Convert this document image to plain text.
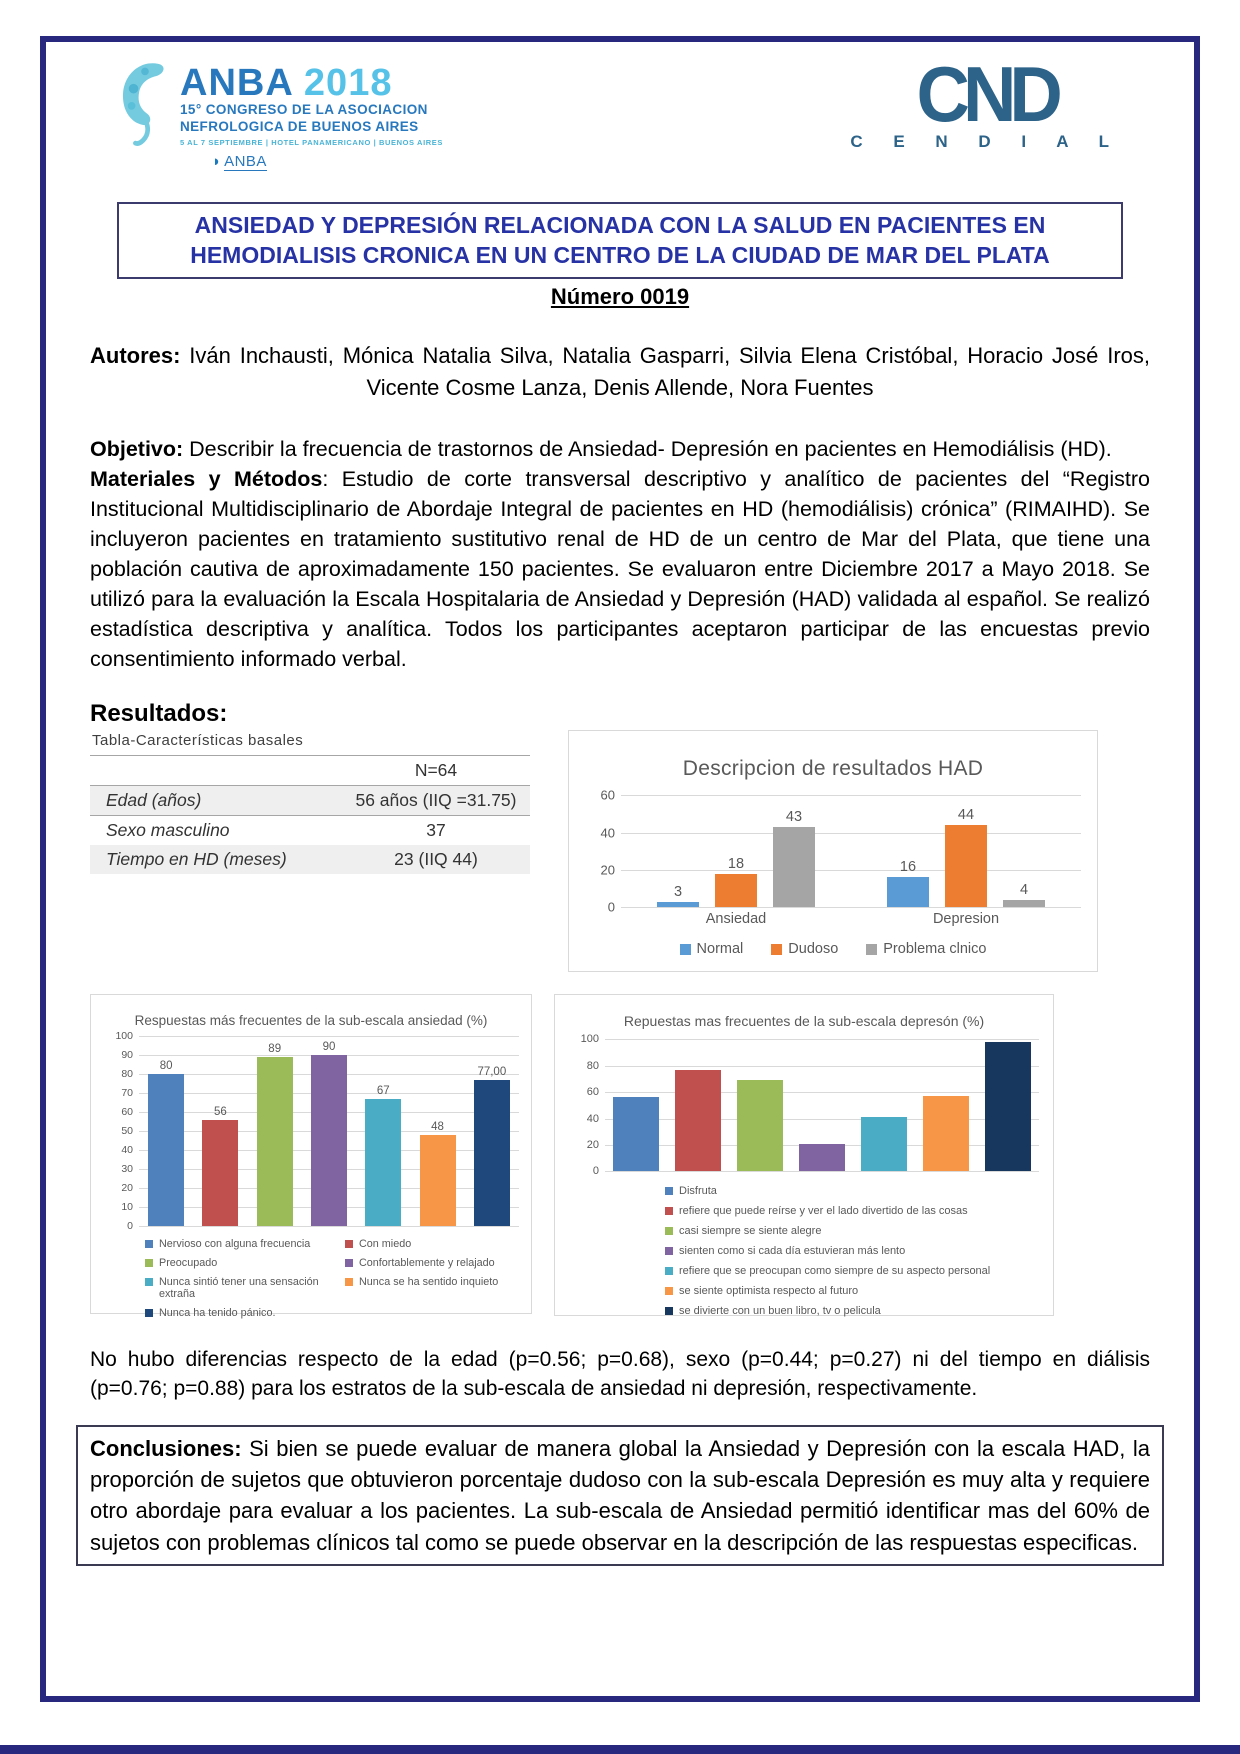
ANBA 2018
15° CONGRESO DE LA ASOCIACION
NEFROLOGICA DE BUENOS AIRES
5 AL 7 SEPTIEMBRE | HOTEL PANAMERICANO | BUENOS AIRES
◗ ANBA
CND
C E N D I A L
ANSIEDAD Y DEPRESIÓN RELACIONADA CON LA SALUD EN PACIENTES EN
HEMODIALISIS CRONICA EN UN CENTRO DE LA CIUDAD DE MAR DEL PLATA
Número 0019
Autores: Iván Inchausti, Mónica Natalia Silva, Natalia Gasparri, Silvia Elena Cristóbal, Horacio José Iros, Vicente Cosme Lanza, Denis Allende, Nora Fuentes
Objetivo: Describir la frecuencia de trastornos de Ansiedad- Depresión en pacientes en Hemodiálisis (HD).
Materiales y Métodos: Estudio de corte transversal descriptivo y analítico de pacientes del “Registro Institucional Multidisciplinario de Abordaje Integral de pacientes en HD (hemodiálisis) crónica” (RIMAIHD). Se incluyeron pacientes en tratamiento sustitutivo renal de HD de un centro de Mar del Plata, que tiene una población cautiva de aproximadamente 150 pacientes. Se evaluaron entre Diciembre 2017 a Mayo 2018. Se utilizó para la evaluación la Escala Hospitalaria de Ansiedad y Depresión (HAD) validada al español. Se realizó estadística descriptiva y analítica. Todos los participantes aceptaron participar de las encuestas previo consentimiento informado verbal.
Resultados:
Tabla-Características basales
	N=64
Edad (años)	56 años (IIQ =31.75)
Sexo masculino	37
Tiempo en HD (meses)	23 (IIQ 44)
Descripcion de resultados HAD
0
20
40
60
3
18
43
16
44
4
Ansiedad	Depresion
Normal	Dudoso	Problema clnico
Respuestas más frecuentes de la sub-escala ansiedad (%)
0
10
20
30
40
50
60
70
80
90
100
80
56
89	90
67
48
77,00
Nervioso con alguna frecuencia	Con miedo
Preocupado	Confortablemente y relajado
Nunca sintió tener una sensación extraña
Nunca se ha sentido inquieto
Nunca ha tenido pánico.
Repuestas mas frecuentes de la sub-escala depresón (%)
0
20
40
60
80
100
Disfruta
refiere que puede reírse y ver el lado divertido de las cosas
casi siempre se siente alegre
sienten como si cada día estuvieran más lento
refiere que se preocupan como siempre de su aspecto personal
se siente optimista respecto al futuro
se divierte con un buen libro, tv o pelicula
No hubo diferencias respecto de la edad (p=0.56; p=0.68), sexo (p=0.44; p=0.27) ni del tiempo en diálisis (p=0.76; p=0.88) para los estratos de la sub-escala de ansiedad ni depresión, respectivamente.
Conclusiones: Si bien se puede evaluar de manera global la Ansiedad y Depresión con la escala HAD, la proporción de sujetos que obtuvieron porcentaje dudoso con la sub-escala Depresión es muy alta y requiere otro abordaje para evaluar a los pacientes. La sub-escala de Ansiedad permitió identificar mas del 60% de sujetos con problemas clínicos tal como se puede observar en la descripción de las respuestas especificas.
